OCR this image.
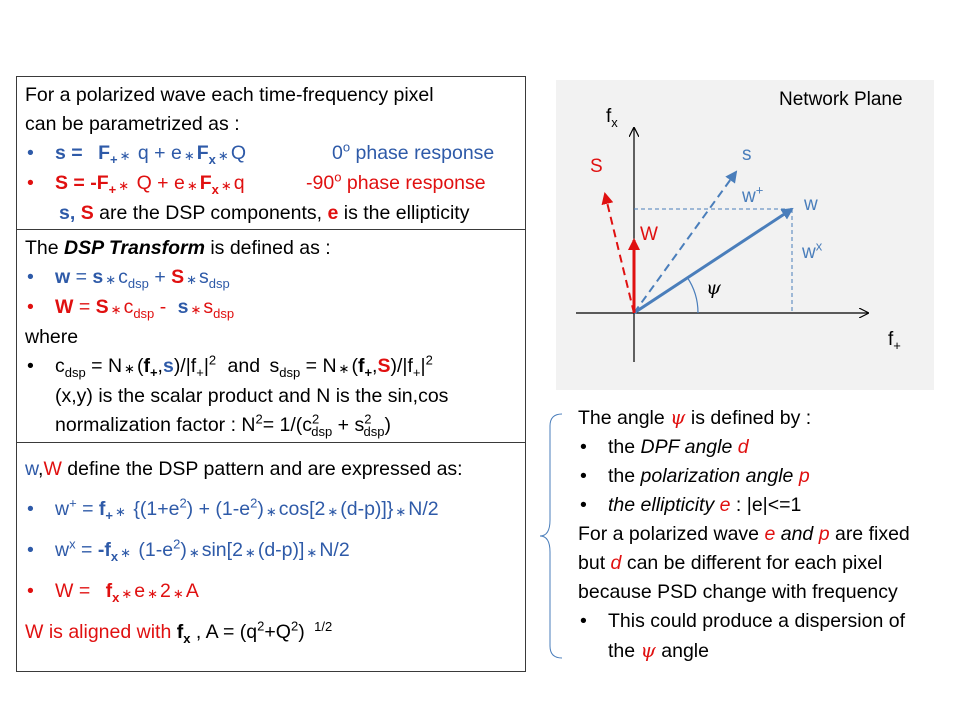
For a polarized wave each time-frequency pixel
can be parametrized as :
• $s = F_+$ ∗ q + e ∗ $F_x$ ∗ Q	0$^o$ phase response
• $S = -F_+$ ∗ Q + e ∗ $F_x$ ∗ q	-90$^o$ phase response
s, S are the DSP components, e is the ellipticity
The DSP Transform is defined as :
• w = s ∗ $c_{dsp} + S$ ∗ $s_{dsp}$
• W = S ∗ $c_{dsp}$ - s ∗ $s_{dsp}$
where
• $c_{dsp} = N$ ∗ $(f_+,s)/|f_+|^2$ and $s_{dsp} = N$ ∗ $(f_+,S)/|f_+|^2$
(x,y) is the scalar product and N is the sin,cos
normalization factor : $N^2= 1/(c^2_{dsp} + s^2_{dsp})$
w,W define the DSP pattern and are expressed as:
• $w^+ = f_+$ ∗ {$(1+e^2) + (1-e^2)$ ∗ cos[2 ∗ (d-p)]} ∗ N/2
• $w^x = -f_x$ ∗ $(1-e^2)$ ∗ sin[2 ∗ (d-p)] ∗ N/2
• $W = f_x$ ∗ e ∗ 2 ∗ A
W is aligned with $f_x$ , $A = (q^2+Q^2)$ $^{1/2}$
Network Plane
$f_x$
$f_+$
s
S
w
W
w+
$w^x$
ψ
The angle ψ is defined by :
• the DPF angle d
• the polarization angle p
• the ellipticity e : |e|<=1
For a polarized wave e and p are fixed
but d can be different for each pixel
because PSD change with frequency
• This could produce a dispersion of
the ψ angle
